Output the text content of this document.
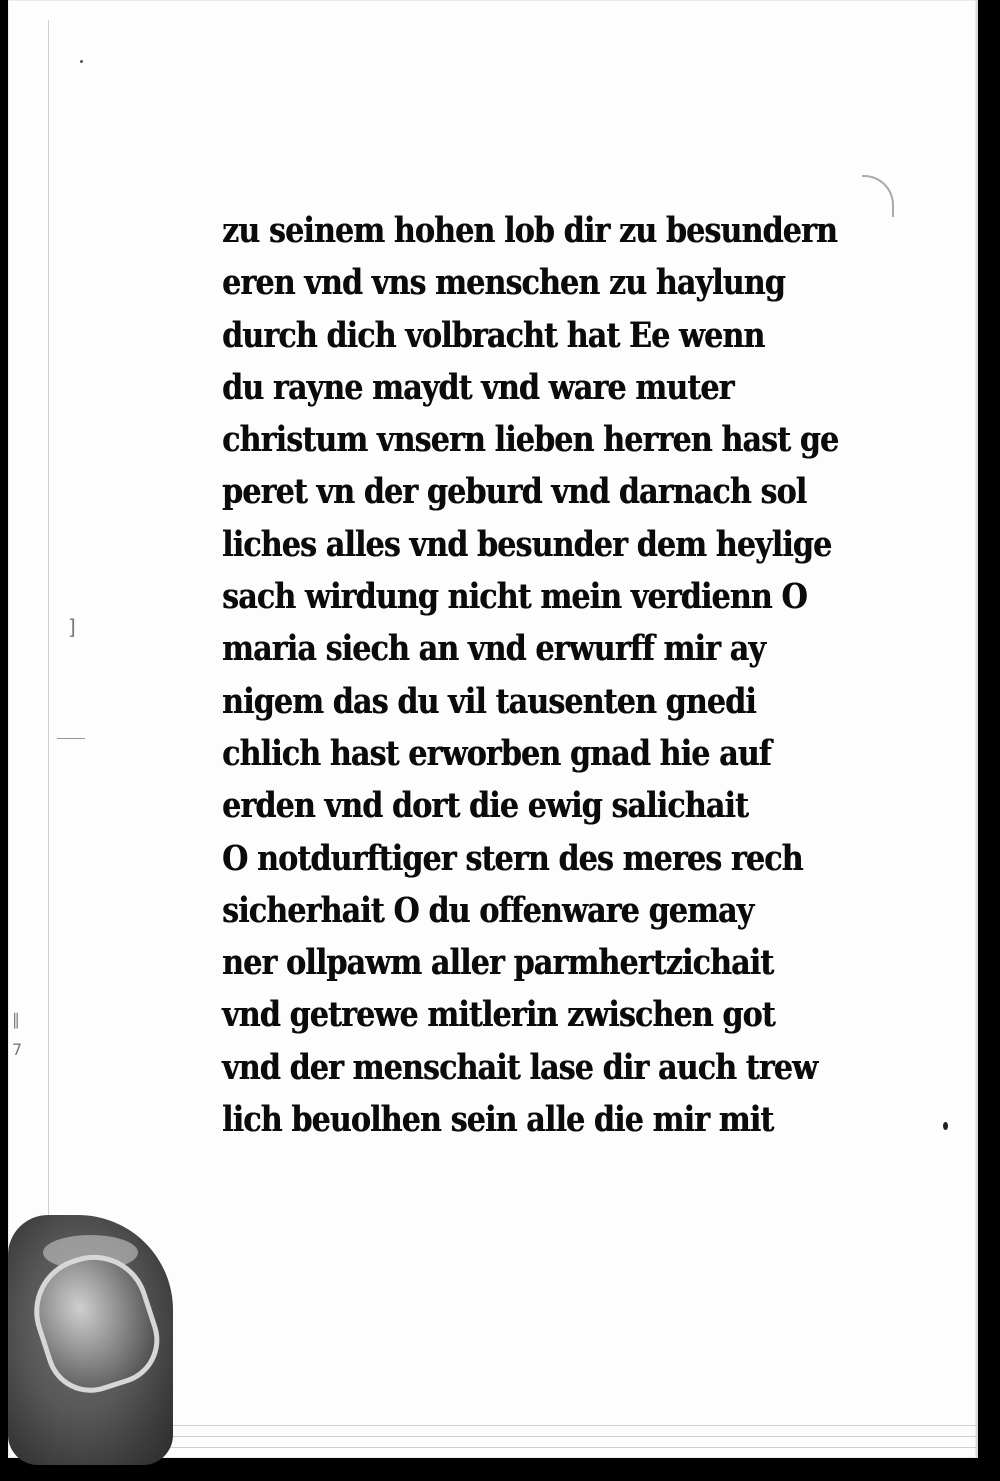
zu seinem hohen lob dir zu besundern
eren vnd vns menschen zu haylung
durch dich volbracht hat Ee wenn
du rayne maydt vnd ware muter
christum vnsern lieben herren hast ge
peret vn der geburd vnd darnach sol
liches alles vnd besunder dem heylige
sach wirdung nicht mein verdienn O
maria siech an vnd erwurff mir ay
nigem das du vil tausenten gnedi
chlich hast erworben gnad hie auf
erden vnd dort die ewig salichait
O notdurftiger stern des meres rech
sicherhait O du offenware gemay
ner ollpawm aller parmhertzichait
vnd getrewe mitlerin zwischen got
vnd der menschait lase dir auch trew
lich beuolhen sein alle die mir mit
]
∥
7
